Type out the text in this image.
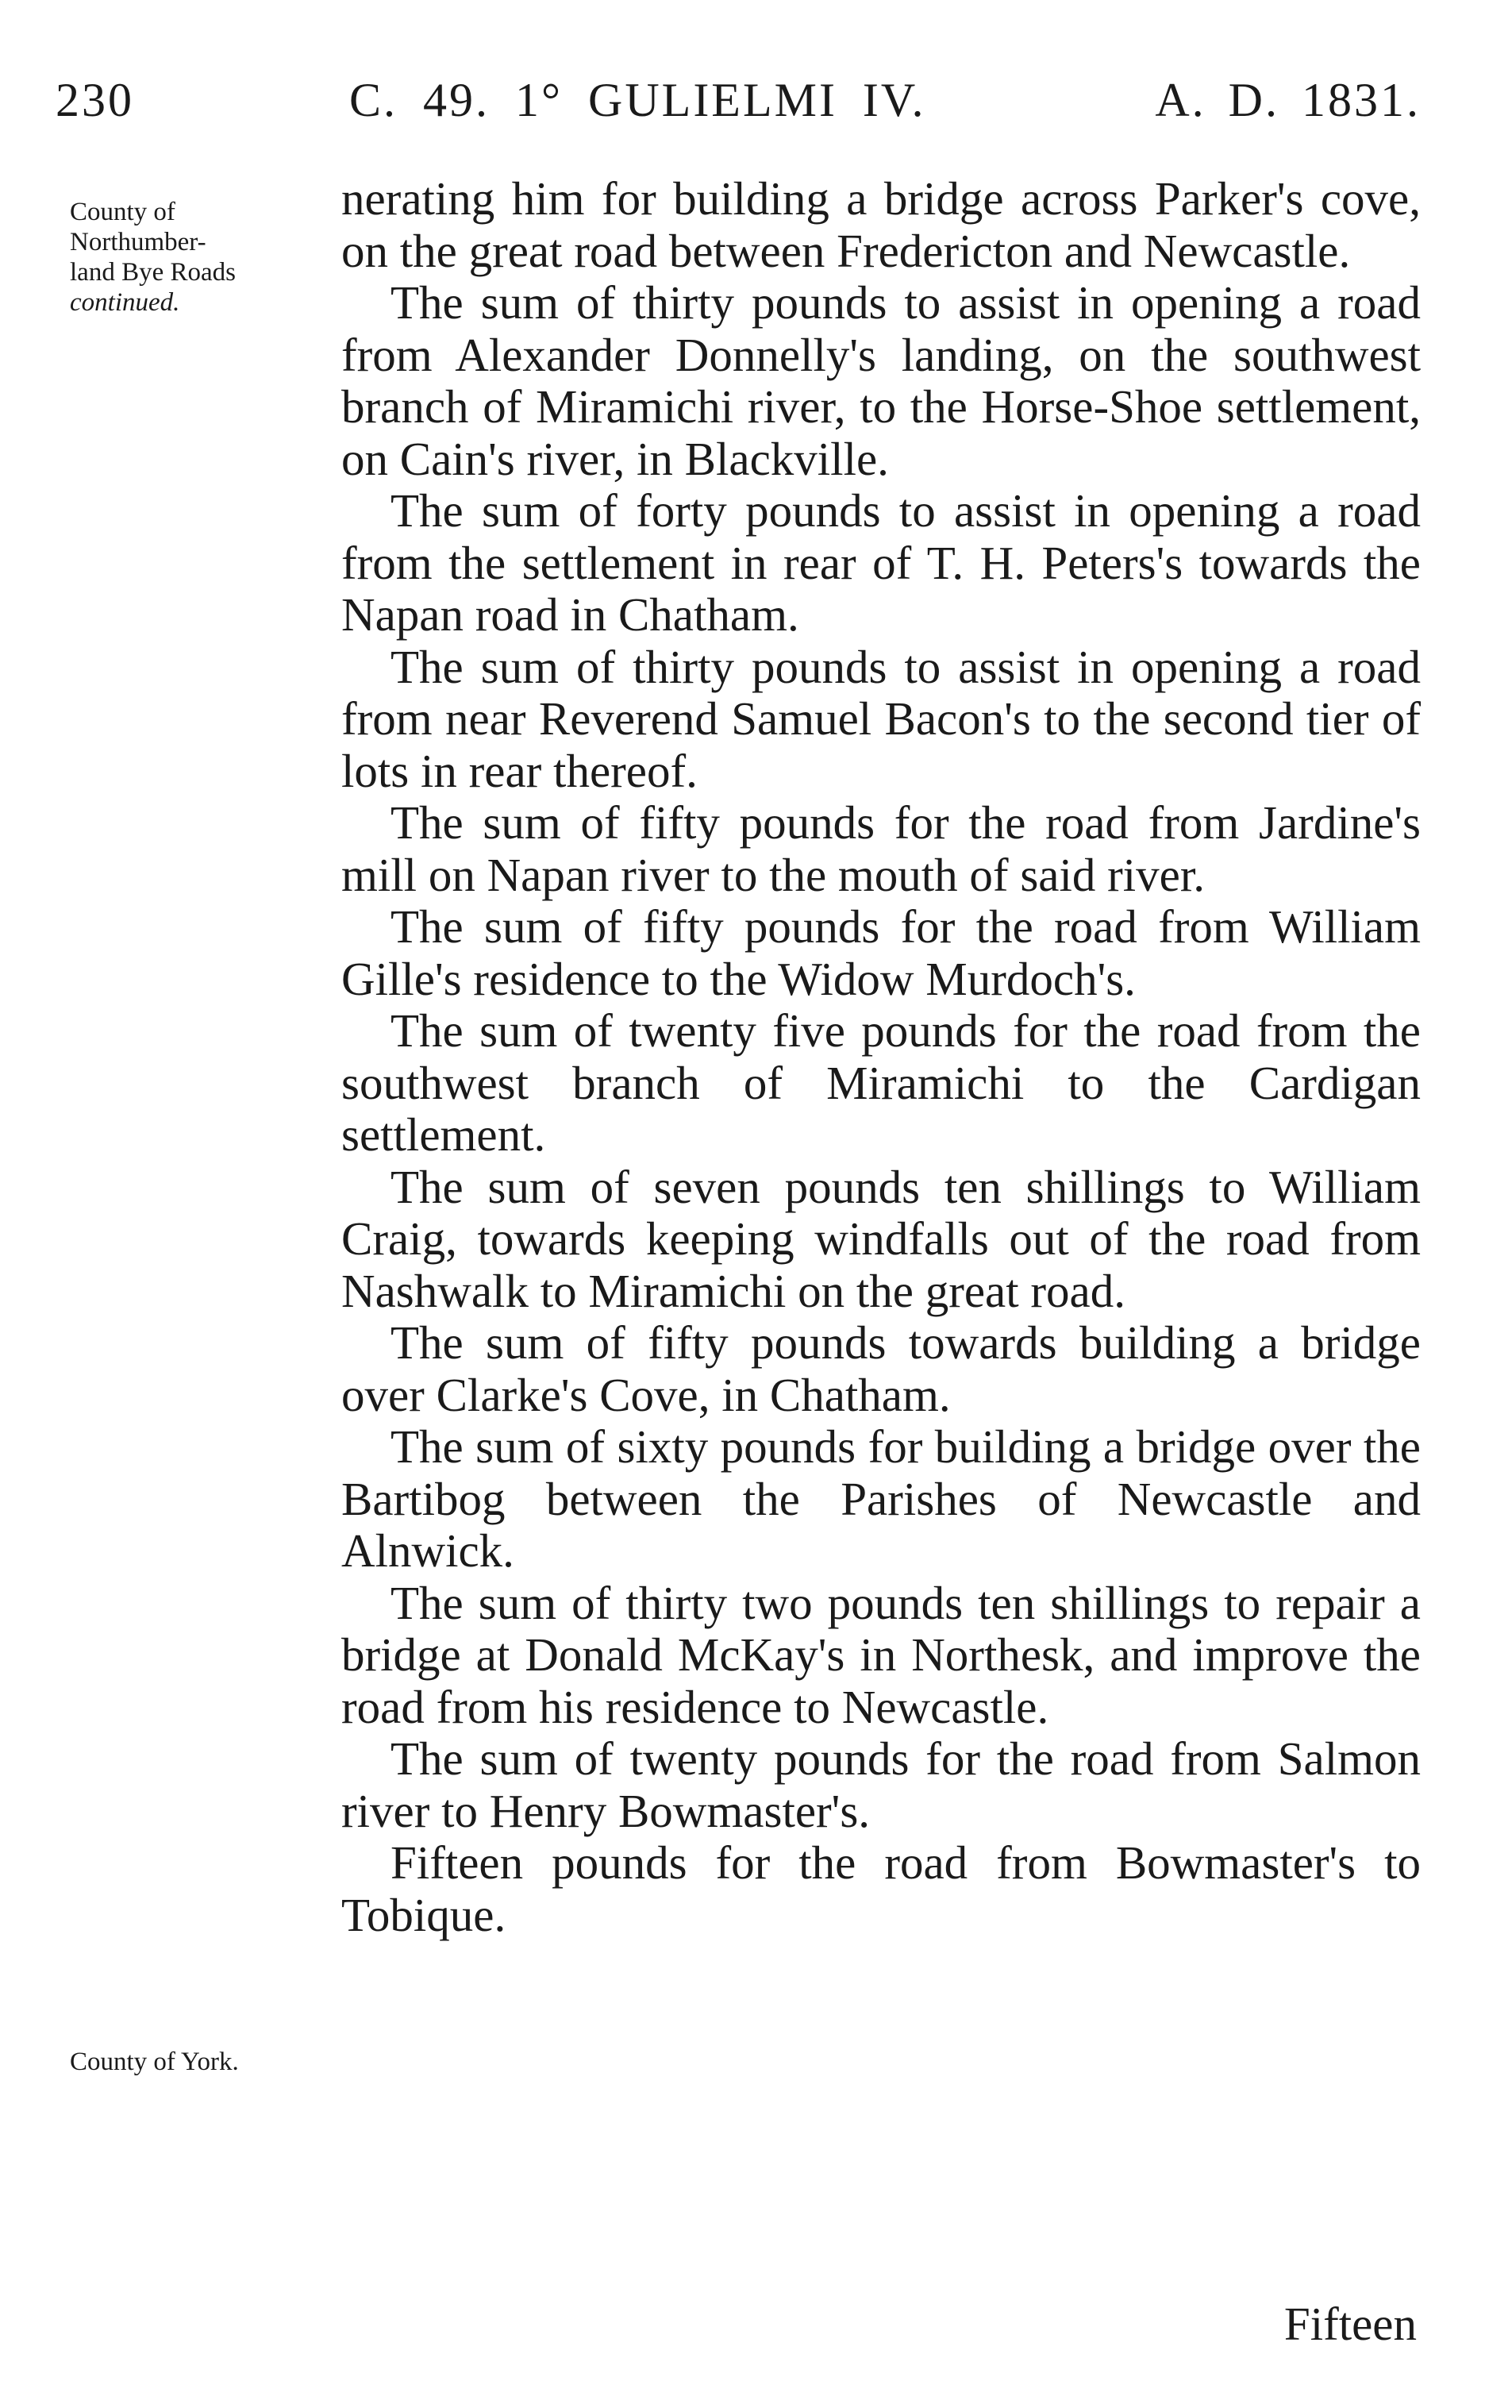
230	C. 49. 1° GULIELMI IV.	A. D. 1831.
County of
Northumber-
land Bye Roads
continued.
County of York.

nerating him for building a bridge across Parker's cove, on the great road between Fredericton and Newcastle.

The sum of thirty pounds to assist in opening a road from Alexander Donnelly's landing, on the southwest branch of Miramichi river, to the Horse-Shoe settlement, on Cain's river, in Blackville.

The sum of forty pounds to assist in opening a road from the settlement in rear of T. H. Peters's towards the Napan road in Chatham.

The sum of thirty pounds to assist in opening a road from near Reverend Samuel Bacon's to the second tier of lots in rear thereof.

The sum of fifty pounds for the road from Jardine's mill on Napan river to the mouth of said river.

The sum of fifty pounds for the road from William Gille's residence to the Widow Murdoch's.

The sum of twenty five pounds for the road from the southwest branch of Miramichi to the Cardigan settlement.

The sum of seven pounds ten shillings to William Craig, towards keeping windfalls out of the road from Nashwalk to Miramichi on the great road.

The sum of fifty pounds towards building a bridge over Clarke's Cove, in Chatham.

The sum of sixty pounds for building a bridge over the Bartibog between the Parishes of Newcastle and Alnwick.

The sum of thirty two pounds ten shillings to repair a bridge at Donald McKay's in Northesk, and improve the road from his residence to Newcastle.

The sum of twenty pounds for the road from Salmon river to Henry Bowmaster's.

Fifteen pounds for the road from Bowmaster's to Tobique.

Fifteen
